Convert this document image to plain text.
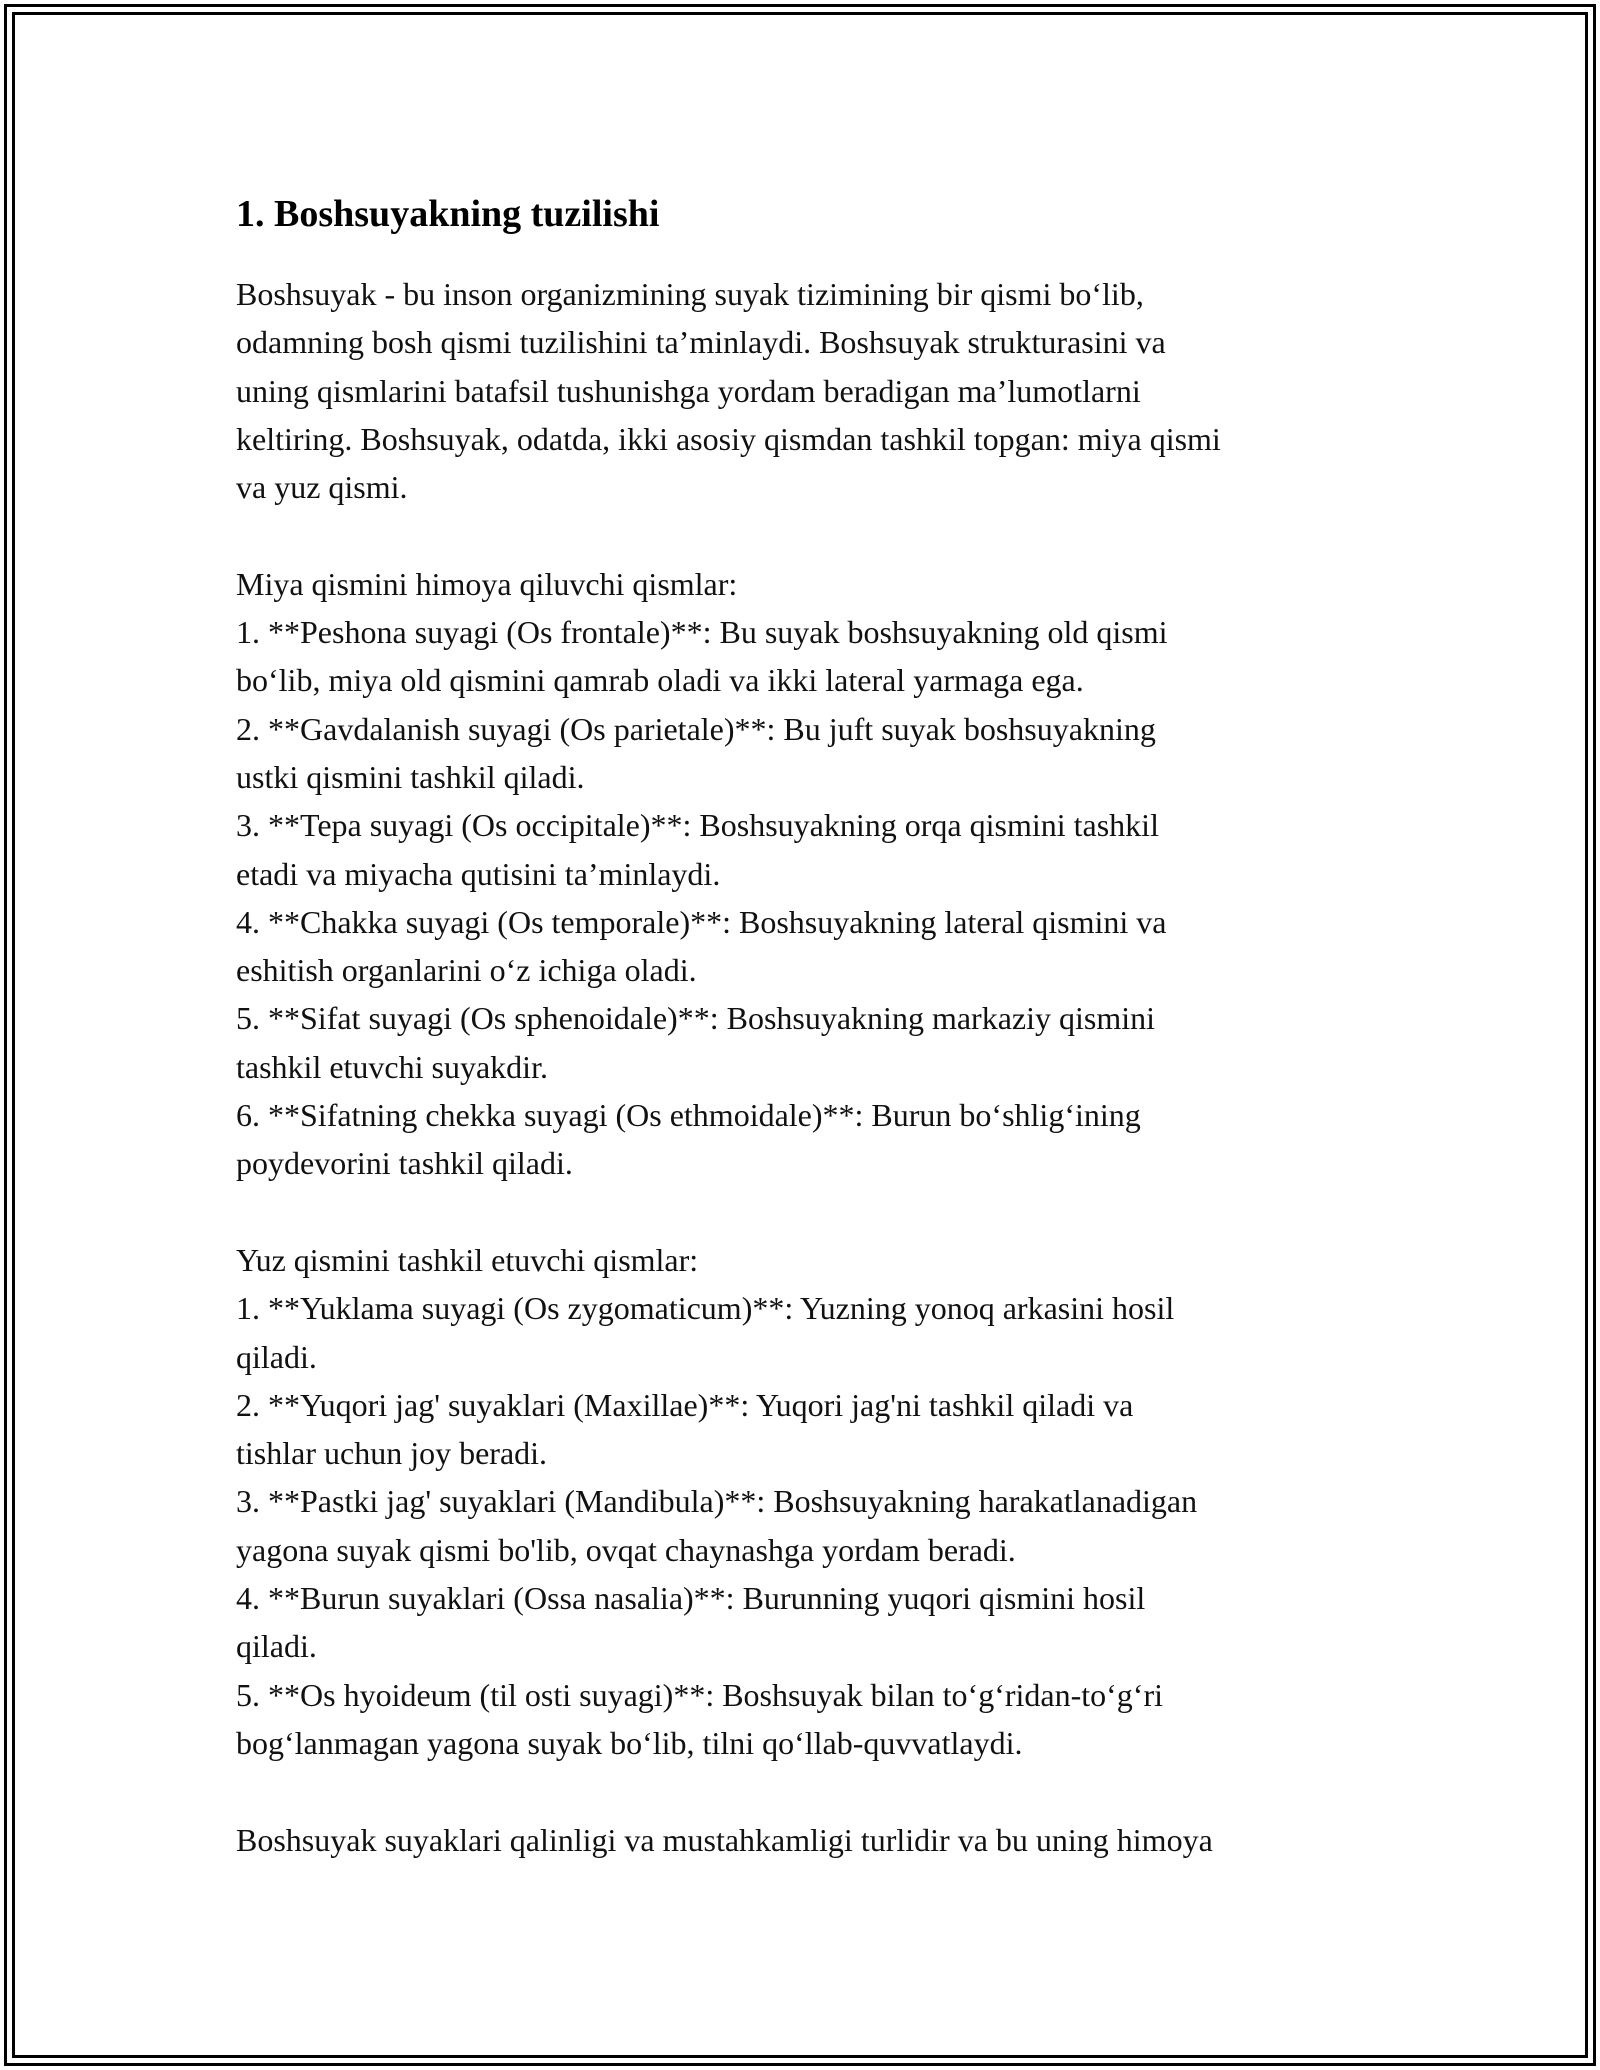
1. Boshsuyakning tuzilishi
Boshsuyak - bu inson organizmining suyak tizimining bir qismi bo‘lib,
odamning bosh qismi tuzilishini ta’minlaydi. Boshsuyak strukturasini va
uning qismlarini batafsil tushunishga yordam beradigan ma’lumotlarni
keltiring. Boshsuyak, odatda, ikki asosiy qismdan tashkil topgan: miya qismi
va yuz qismi.
Miya qismini himoya qiluvchi qismlar:
1. **Peshona suyagi (Os frontale)**: Bu suyak boshsuyakning old qismi
bo‘lib, miya old qismini qamrab oladi va ikki lateral yarmaga ega.
2. **Gavdalanish suyagi (Os parietale)**: Bu juft suyak boshsuyakning
ustki qismini tashkil qiladi.
3. **Tepa suyagi (Os occipitale)**: Boshsuyakning orqa qismini tashkil
etadi va miyacha qutisini ta’minlaydi.
4. **Chakka suyagi (Os temporale)**: Boshsuyakning lateral qismini va
eshitish organlarini o‘z ichiga oladi.
5. **Sifat suyagi (Os sphenoidale)**: Boshsuyakning markaziy qismini
tashkil etuvchi suyakdir.
6. **Sifatning chekka suyagi (Os ethmoidale)**: Burun bo‘shlig‘ining
poydevorini tashkil qiladi.
Yuz qismini tashkil etuvchi qismlar:
1. **Yuklama suyagi (Os zygomaticum)**: Yuzning yonoq arkasini hosil
qiladi.
2. **Yuqori jag' suyaklari (Maxillae)**: Yuqori jag'ni tashkil qiladi va
tishlar uchun joy beradi.
3. **Pastki jag' suyaklari (Mandibula)**: Boshsuyakning harakatlanadigan
yagona suyak qismi bo'lib, ovqat chaynashga yordam beradi.
4. **Burun suyaklari (Ossa nasalia)**: Burunning yuqori qismini hosil
qiladi.
5. **Os hyoideum (til osti suyagi)**: Boshsuyak bilan to‘g‘ridan-to‘g‘ri
bog‘lanmagan yagona suyak bo‘lib, tilni qo‘llab-quvvatlaydi.
Boshsuyak suyaklari qalinligi va mustahkamligi turlidir va bu uning himoya
